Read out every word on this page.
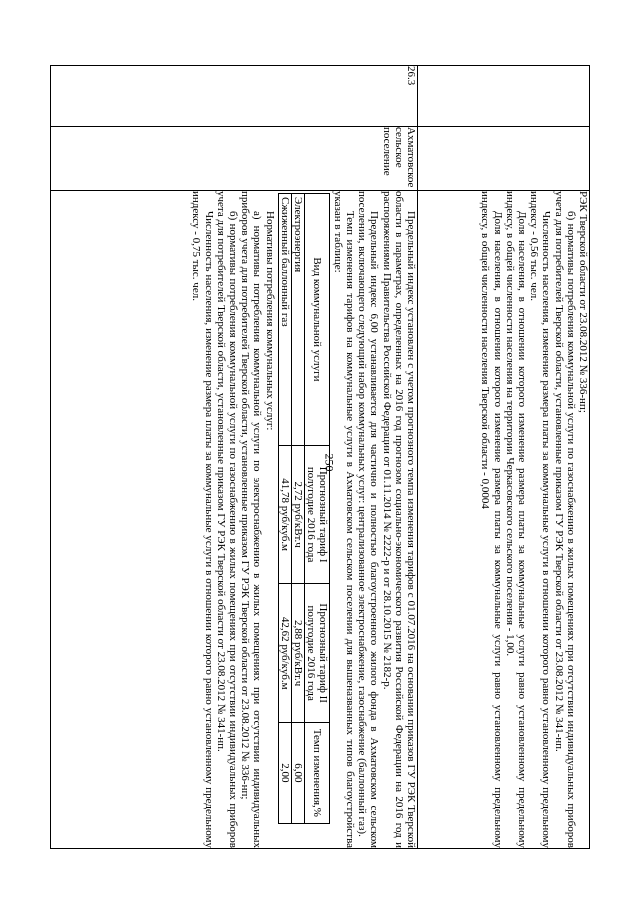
250

РЭК Тверской области от 23.08.2012 № 336-нп;

б) нормативы потребления коммунальной услуги по газоснабжению в жилых помещениях при отсутствии индивидуальных приборов учета для потребителей Тверской области, установленные приказом ГУ РЭК Тверской области от 23.08.2012 № 341-нп.

Численность населения, изменение размера платы за коммунальные услуги в отношении которого равно установленному предельному индексу - 0,56 тыс. чел.

Доля населения, в отношении которого изменение размера платы за коммунальные услуги равно установленному предельному индексу, в общей численности населения на территории Черкасовского сельского поселения - 1,00.

Доля населения, в отношении которого изменение размера платы за коммунальные услуги равно установленному предельному индексу, в общей численности населения Тверской области - 0,0004

26.3	Ахматовское сельское поселение	

Предельный индекс установлен с учетом прогнозного темпа изменения тарифов с 01.07.2016 на основании приказов ГУ РЭК Тверской области в параметрах, определенных на 2016 год прогнозом социально-экономического развития Российской Федерации на 2016 год и распоряжениями Правительства Российской Федерации от 01.11.2014 № 2222-р и от 28.10.2015 № 2182-р.

Предельный индекс 6,00 устанавливается для частично и полностью благоустроенного жилого фонда в Ахматовском сельском поселении, включающего следующий набор коммунальных услуг: централизованное электроснабжение, газоснабжение (баллонный газ).

Темп изменения тарифов на коммунальные услуги в Ахматовском сельском поселении для вышеназванных типов благоустройства указан в таблице:

Вид коммунальной услуги	Прогнозный тариф I полугодие 2016 года	Прогнозный тариф II полугодие 2016 года	Темп изменения,%
Электроэнергия	2,72 руб/кВт.ч	2,88 руб/кВт.ч	6,00
Сжиженный баллонный газ	41,78 руб/куб.м	42,62 руб/куб.м	2,00

Нормативы потребления коммунальных услуг:

а) нормативы потребления коммунальной услуги по электроснабжению в жилых помещениях при отсутствии индивидуальных приборов учета для потребителей Тверской области, установленные приказом ГУ РЭК Тверской области от 23.08.2012 № 336-нп;

б) нормативы потребления коммунальной услуги по газоснабжению в жилых помещениях при отсутствии индивидуальных приборов учета для потребителей Тверской области, установленные приказом ГУ РЭК Тверской области от 23.08.2012 № 341-нп.

Численность населения, изменение размера платы за коммунальные услуги в отношении которого равно установленному предельному индексу - 0,75 тыс. чел.
